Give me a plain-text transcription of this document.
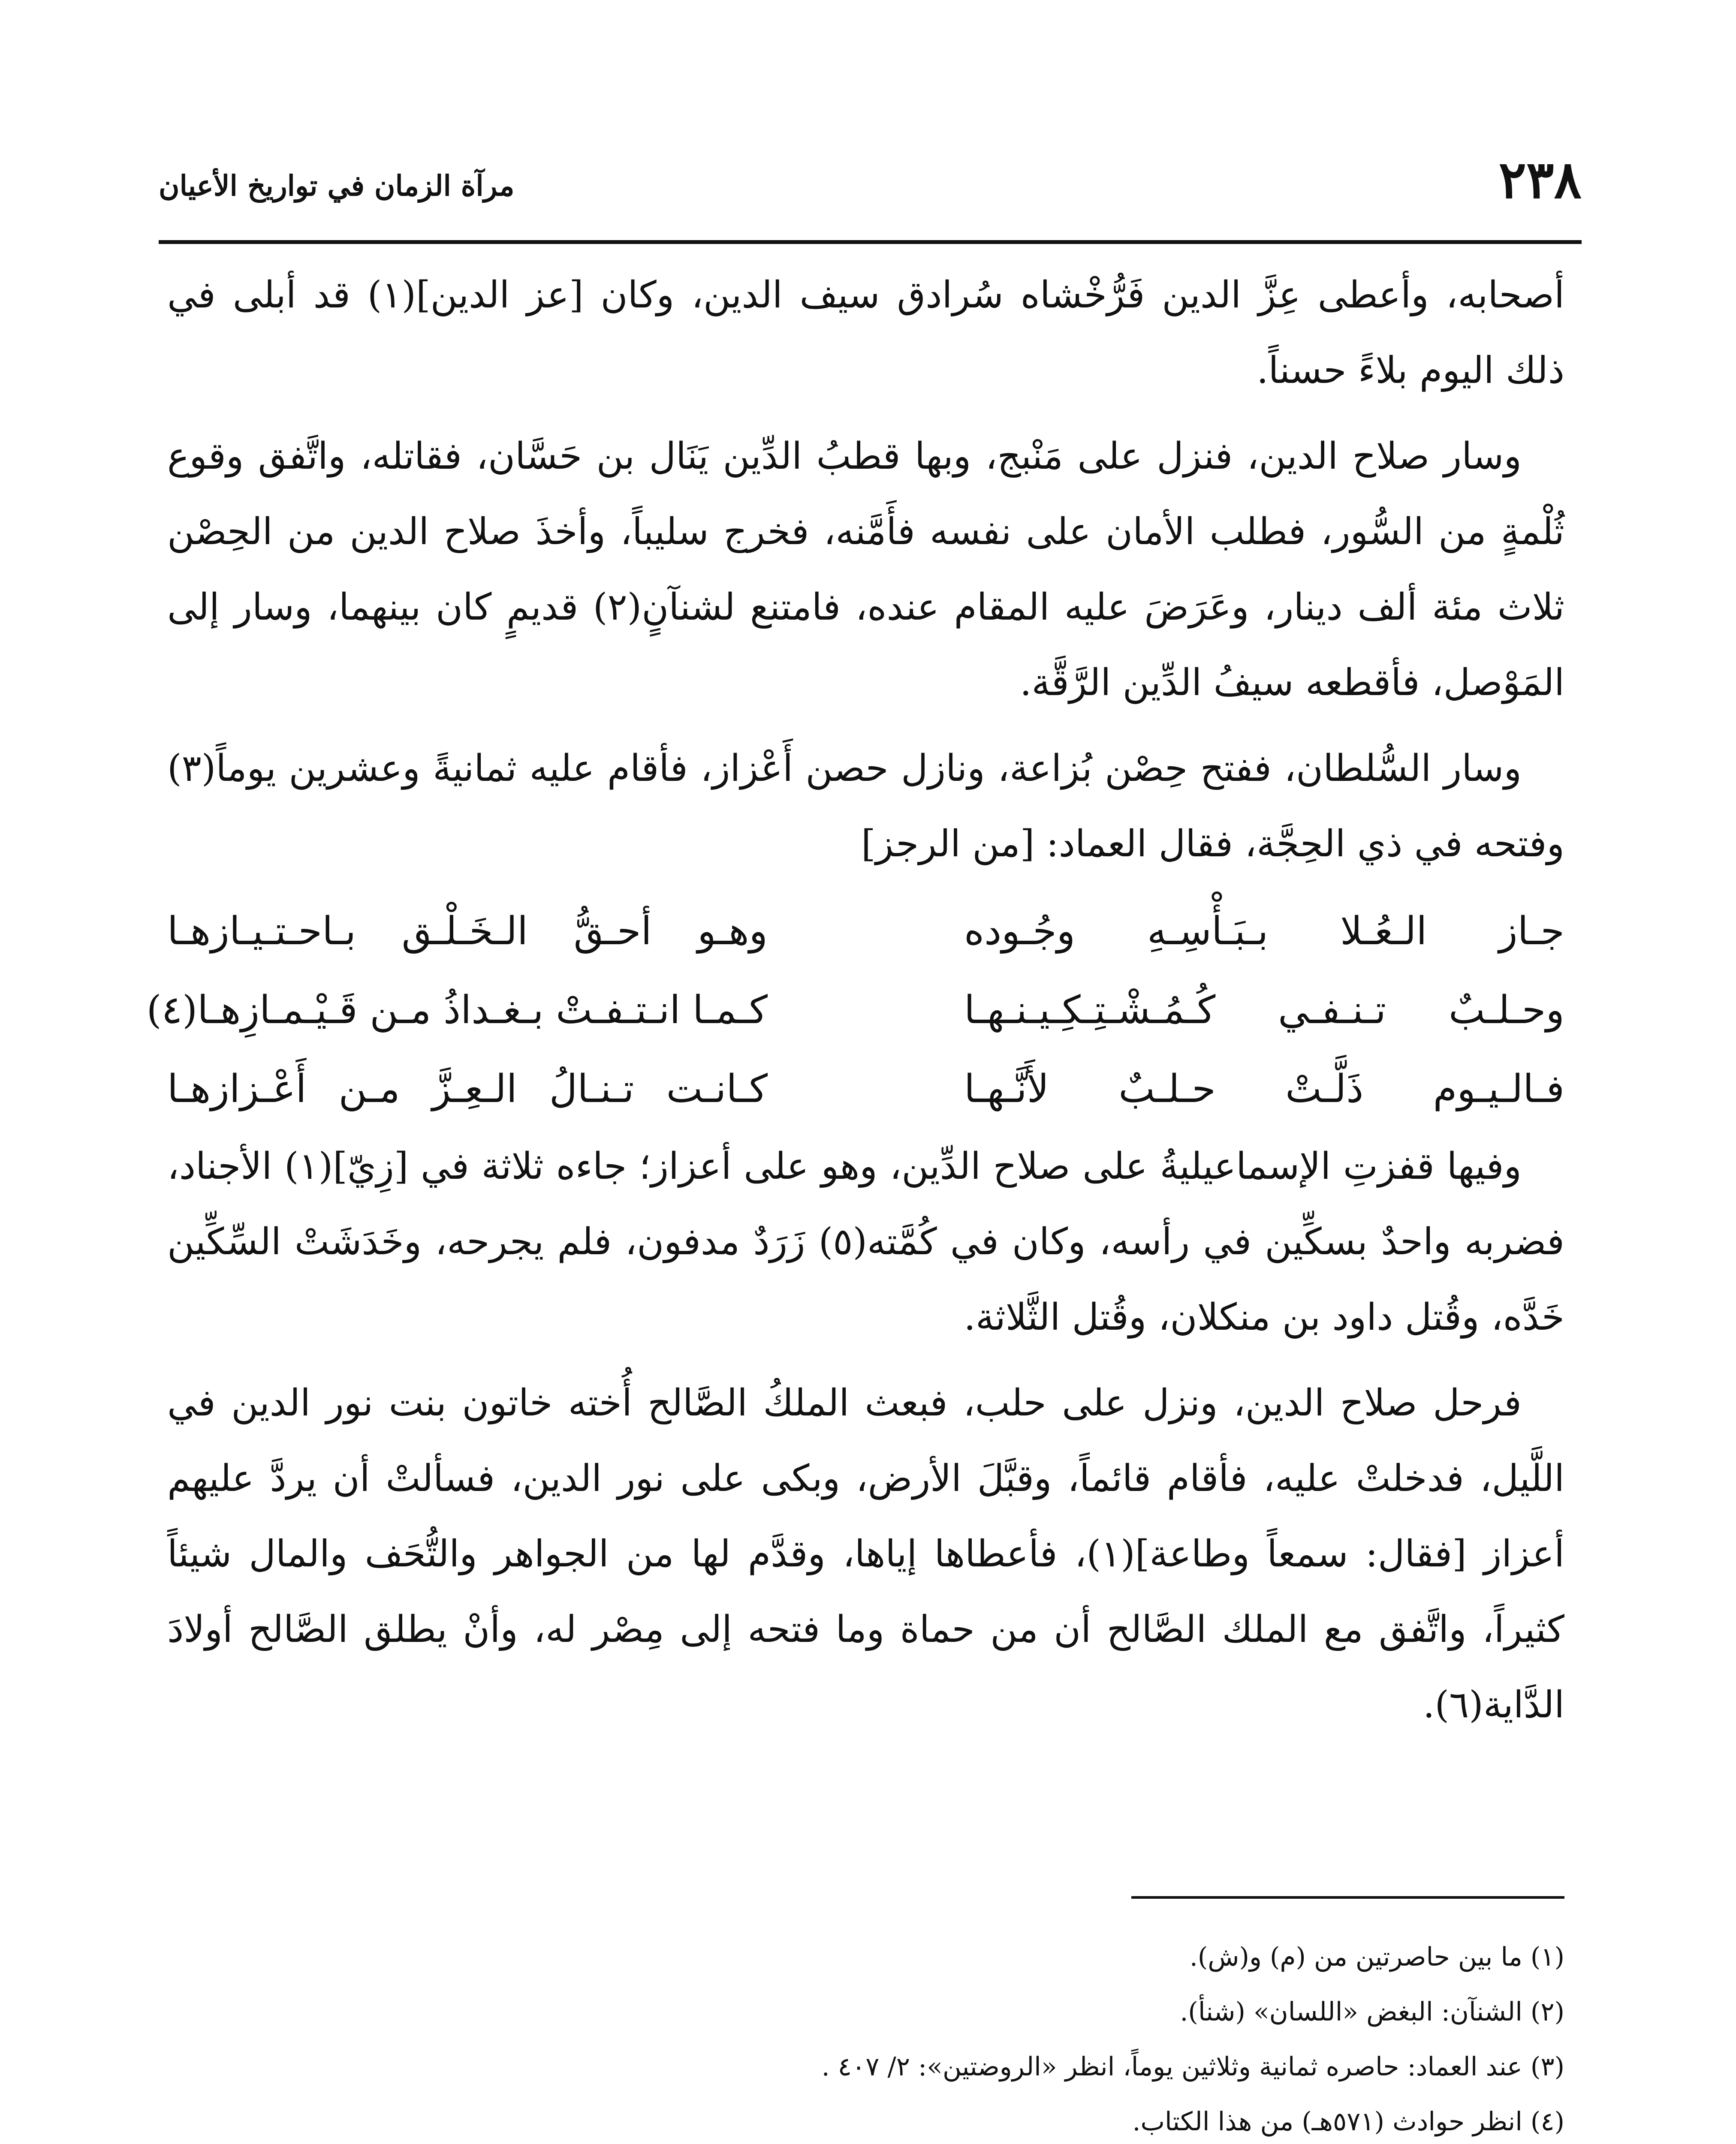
٢٣٨
مرآة الزمان في تواريخ الأعيان

أصحابه، وأعطى عِزَّ الدين فَرُّخْشاه سُرادق سيف الدين، وكان [عز الدين](١) قد أبلى في ذلك اليوم بلاءً حسناً.

وسار صلاح الدين، فنزل على مَنْبج، وبها قطبُ الدِّين يَنَال بن حَسَّان، فقاتله، واتَّفق وقوع ثُلْمةٍ من السُّور، فطلب الأمان على نفسه فأَمَّنه، فخرج سليباً، وأخذَ صلاح الدين من الحِصْن ثلاث مئة ألف دينار، وعَرَضَ عليه المقام عنده، فامتنع لشنآنٍ(٢) قديمٍ كان بينهما، وسار إلى المَوْصل، فأقطعه سيفُ الدِّين الرَّقَّة.

وسار السُّلطان، ففتح حِصْن بُزاعة، ونازل حصن أَعْزاز، فأقام عليه ثمانيةً وعشرين يوماً(٣) وفتحه في ذي الحِجَّة، فقال العماد: [من الرجز]

جـاز الـعُـلا بـبَـأْسِـهِ وجُـوده
وهـو أحـقُّ الـخَـلْـق بـاحـتـيـازهـا
وحـلـبٌ تـنـفـي كُـمُـشْـتِـكِـيـنـهـا
كـمـا انـتـفـتْ بـغـداذُ مـن قَـيْـمـازِهـا(٤)
فـالـيـوم ذَلَّـتْ حـلـبٌ لأَنَّـهـا
كـانـت تـنـالُ الـعِـزَّ مـن أَعْـزازهـا

وفيها قفزتِ الإسماعيليةُ على صلاح الدِّين، وهو على أعزاز؛ جاءه ثلاثة في [زِيّ](١) الأجناد، فضربه واحدٌ بسكِّين في رأسه، وكان في كُمَّته(٥) زَرَدٌ مدفون، فلم يجرحه، وخَدَشَتْ السِّكِّين خَدَّه، وقُتل داود بن منكلان، وقُتل الثَّلاثة.

فرحل صلاح الدين، ونزل على حلب، فبعث الملكُ الصَّالح أُخته خاتون بنت نور الدين في اللَّيل، فدخلتْ عليه، فأقام قائماً، وقبَّلَ الأرض، وبكى على نور الدين، فسألتْ أن يردَّ عليهم أعزاز [فقال: سمعاً وطاعة](١)، فأعطاها إياها، وقدَّم لها من الجواهر والتُّحَف والمال شيئاً كثيراً، واتَّفق مع الملك الصَّالح أن من حماة وما فتحه إلى مِصْر له، وأنْ يطلق الصَّالح أولادَ الدَّاية(٦).

(١) ما بين حاصرتين من (م) و(ش).

(٢) الشنآن: البغض «اللسان» (شنأ).

(٣) عند العماد: حاصره ثمانية وثلاثين يوماً، انظر «الروضتين»: ٢/ ٤٠٧ .

(٤) انظر حوادث (٥٧١هـ) من هذا الكتاب.
